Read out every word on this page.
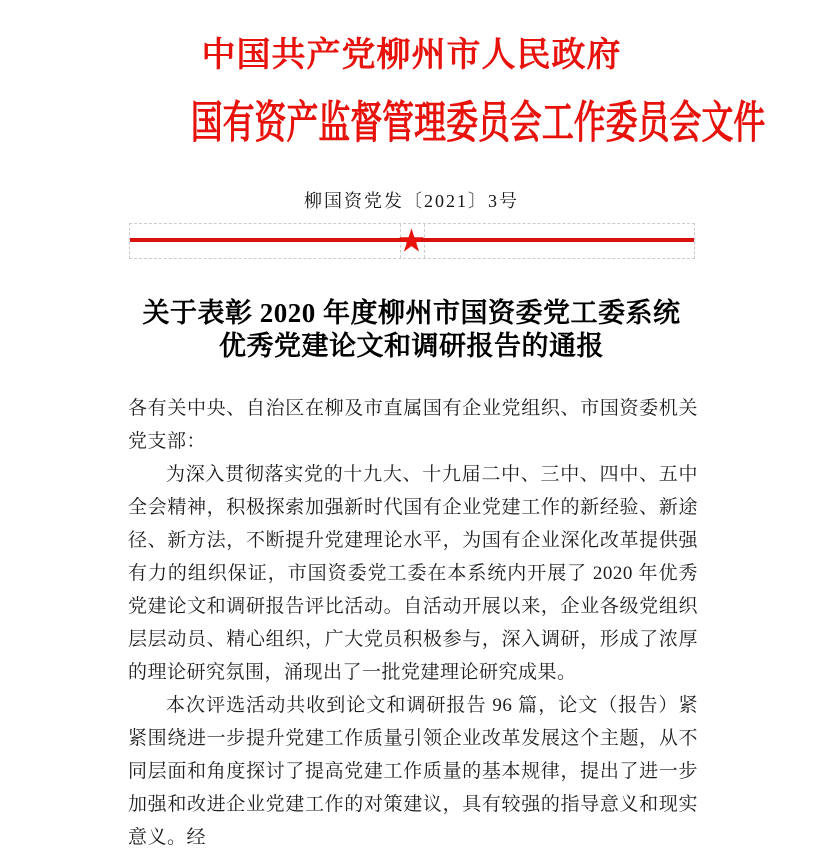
中国共产党柳州市人民政府
国有资产监督管理委员会工作委员会文件
柳国资党发〔2021〕3号
★
关于表彰 2020 年度柳州市国资委党工委系统
优秀党建论文和调研报告的通报

各有关中央、自治区在柳及市直属国有企业党组织、市国资委机关党支部：

为深入贯彻落实党的十九大、十九届二中、三中、四中、五中全会精神，积极探索加强新时代国有企业党建工作的新经验、新途径、新方法，不断提升党建理论水平，为国有企业深化改革提供强有力的组织保证，市国资委党工委在本系统内开展了 2020 年优秀党建论文和调研报告评比活动。自活动开展以来，企业各级党组织层层动员、精心组织，广大党员积极参与，深入调研，形成了浓厚的理论研究氛围，涌现出了一批党建理论研究成果。

本次评选活动共收到论文和调研报告 96 篇，论文（报告）紧紧围绕进一步提升党建工作质量引领企业改革发展这个主题，从不同层面和角度探讨了提高党建工作质量的基本规律，提出了进一步加强和改进企业党建工作的对策建议，具有较强的指导意义和现实意义。经
